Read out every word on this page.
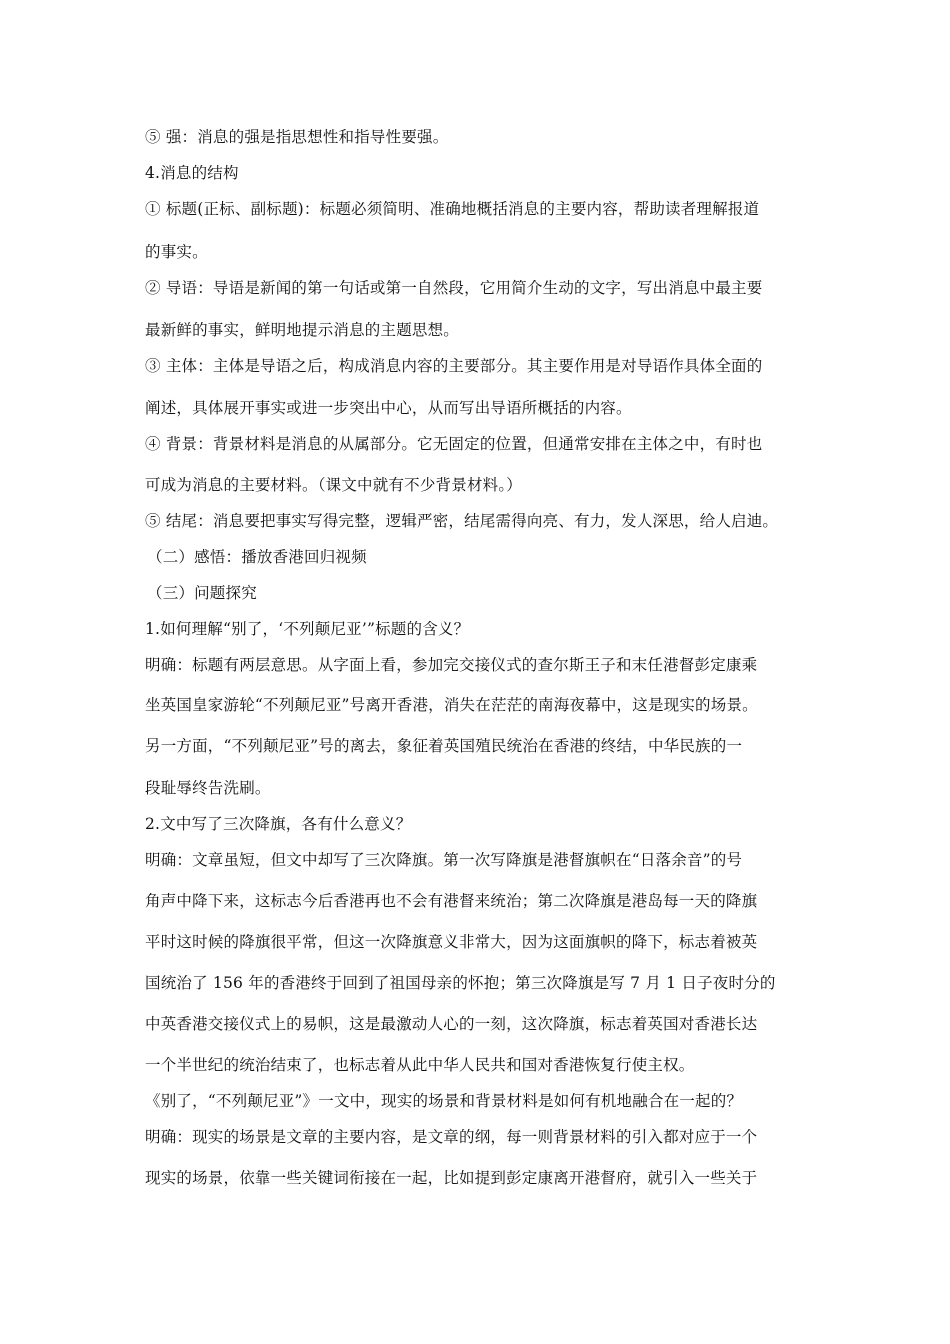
⑤ 强：消息的强是指思想性和指导性要强。
4.消息的结构
① 标题(正标、副标题)：标题必须简明、准确地概括消息的主要内容，帮助读者理解报道
的事实。
② 导语：导语是新闻的第一句话或第一自然段，它用简介生动的文字，写出消息中最主要
最新鲜的事实，鲜明地提示消息的主题思想。
③ 主体：主体是导语之后，构成消息内容的主要部分。其主要作用是对导语作具体全面的
阐述，具体展开事实或进一步突出中心，从而写出导语所概括的内容。
④ 背景：背景材料是消息的从属部分。它无固定的位置，但通常安排在主体之中，有时也
可成为消息的主要材料。（课文中就有不少背景材料。）
⑤ 结尾：消息要把事实写得完整，逻辑严密，结尾需得向亮、有力，发人深思，给人启迪。
（二）感悟：播放香港回归视频
（三）问题探究
1.如何理解“别了，‘不列颠尼亚’”标题的含义？
明确：标题有两层意思。从字面上看，参加完交接仪式的查尔斯王子和末任港督彭定康乘
坐英国皇家游轮“不列颠尼亚”号离开香港，消失在茫茫的南海夜幕中，这是现实的场景。
另一方面，“不列颠尼亚”号的离去，象征着英国殖民统治在香港的终结，中华民族的一
段耻辱终告洗刷。
2.文中写了三次降旗，各有什么意义？
明确：文章虽短，但文中却写了三次降旗。第一次写降旗是港督旗帜在“日落余音”的号
角声中降下来，这标志今后香港再也不会有港督来统治；第二次降旗是港岛每一天的降旗
平时这时候的降旗很平常，但这一次降旗意义非常大，因为这面旗帜的降下，标志着被英
国统治了 156 年的香港终于回到了祖国母亲的怀抱；第三次降旗是写 7 月 1 日子夜时分的
中英香港交接仪式上的易帜，这是最激动人心的一刻，这次降旗，标志着英国对香港长达
一个半世纪的统治结束了，也标志着从此中华人民共和国对香港恢复行使主权。
《别了，“不列颠尼亚”》一文中，现实的场景和背景材料是如何有机地融合在一起的？
明确：现实的场景是文章的主要内容，是文章的纲，每一则背景材料的引入都对应于一个
现实的场景，依靠一些关键词衔接在一起，比如提到彭定康离开港督府，就引入一些关于
